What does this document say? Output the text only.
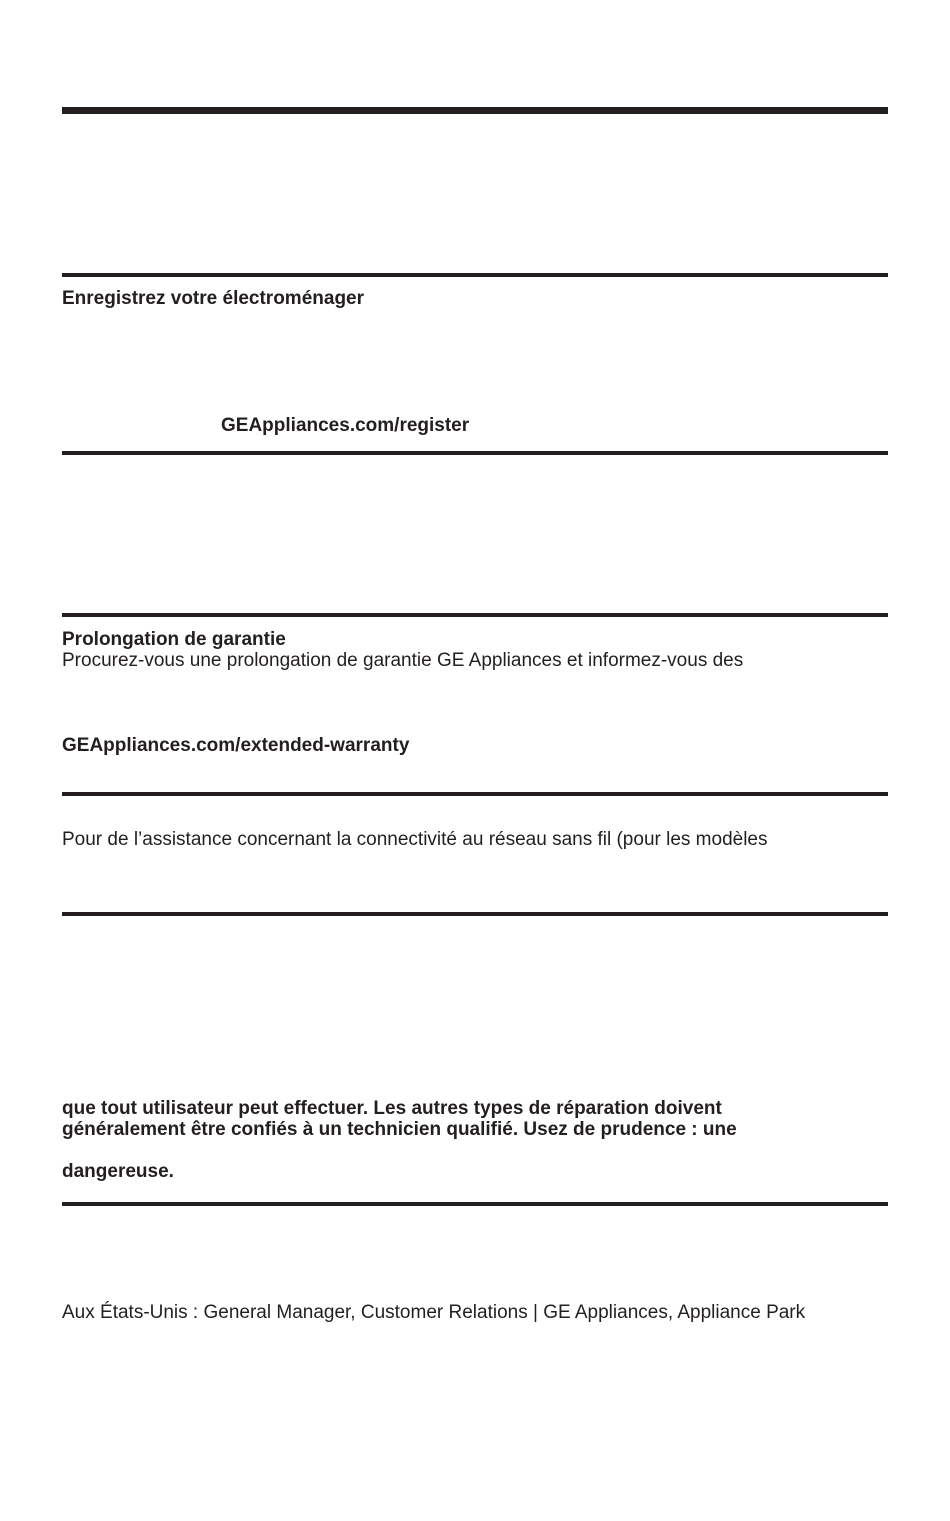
Enregistrez votre électroménager

GEAppliances.com/register

Prolongation de garantie

Procurez-vous une prolongation de garantie GE Appliances et informez-vous des

GEAppliances.com/extended-warranty

Pour de l’assistance concernant la connectivité au réseau sans fil (pour les modèles

que tout utilisateur peut effectuer. Les autres types de réparation doivent

généralement être confiés à un technicien qualifié. Usez de prudence : une

dangereuse.

Aux États-Unis : General Manager, Customer Relations | GE Appliances, Appliance Park
